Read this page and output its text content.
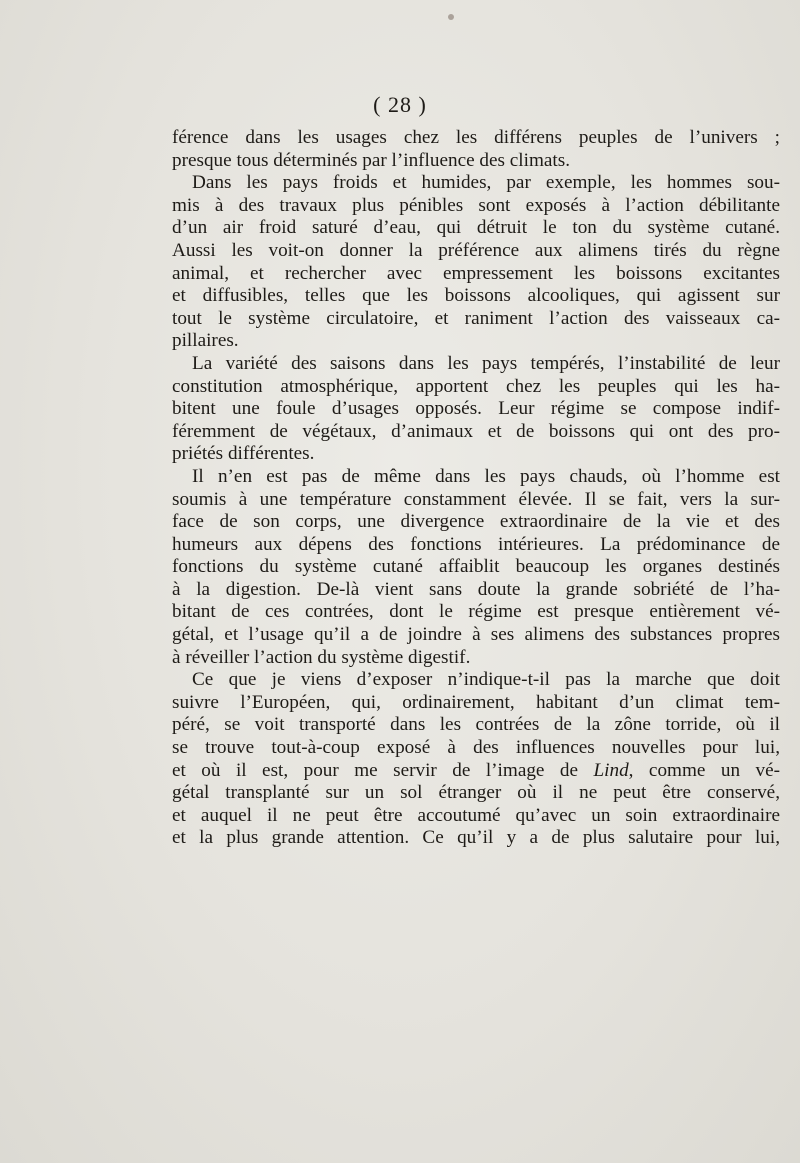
( 28 )

férence dans les usages chez les différens peuples de l’univers ;
presque tous déterminés par l’influence des climats.

Dans les pays froids et humides, par exemple, les hommes sou-
mis à des travaux plus pénibles sont exposés à l’action débilitante
d’un air froid saturé d’eau, qui détruit le ton du système cutané.
Aussi les voit-on donner la préférence aux alimens tirés du règne
animal, et rechercher avec empressement les boissons excitantes
et diffusibles, telles que les boissons alcooliques, qui agissent sur
tout le système circulatoire, et raniment l’action des vaisseaux ca-
pillaires.

La variété des saisons dans les pays tempérés, l’instabilité de leur
constitution atmosphérique, apportent chez les peuples qui les ha-
bitent une foule d’usages opposés. Leur régime se compose indif-
féremment de végétaux, d’animaux et de boissons qui ont des pro-
priétés différentes.

Il n’en est pas de même dans les pays chauds, où l’homme est
soumis à une température constamment élevée. Il se fait, vers la sur-
face de son corps, une divergence extraordinaire de la vie et des
humeurs aux dépens des fonctions intérieures. La prédominance de
fonctions du système cutané affaiblit beaucoup les organes destinés
à la digestion. De-là vient sans doute la grande sobriété de l’ha-
bitant de ces contrées, dont le régime est presque entièrement vé-
gétal, et l’usage qu’il a de joindre à ses alimens des substances propres
à réveiller l’action du système digestif.

Ce que je viens d’exposer n’indique-t-il pas la marche que doit
suivre l’Européen, qui, ordinairement, habitant d’un climat tem-
péré, se voit transporté dans les contrées de la zône torride, où il
se trouve tout-à-coup exposé à des influences nouvelles pour lui,
et où il est, pour me servir de l’image de Lind, comme un vé-
gétal transplanté sur un sol étranger où il ne peut être conservé,
et auquel il ne peut être accoutumé qu’avec un soin extraordinaire
et la plus grande attention. Ce qu’il y a de plus salutaire pour lui,
